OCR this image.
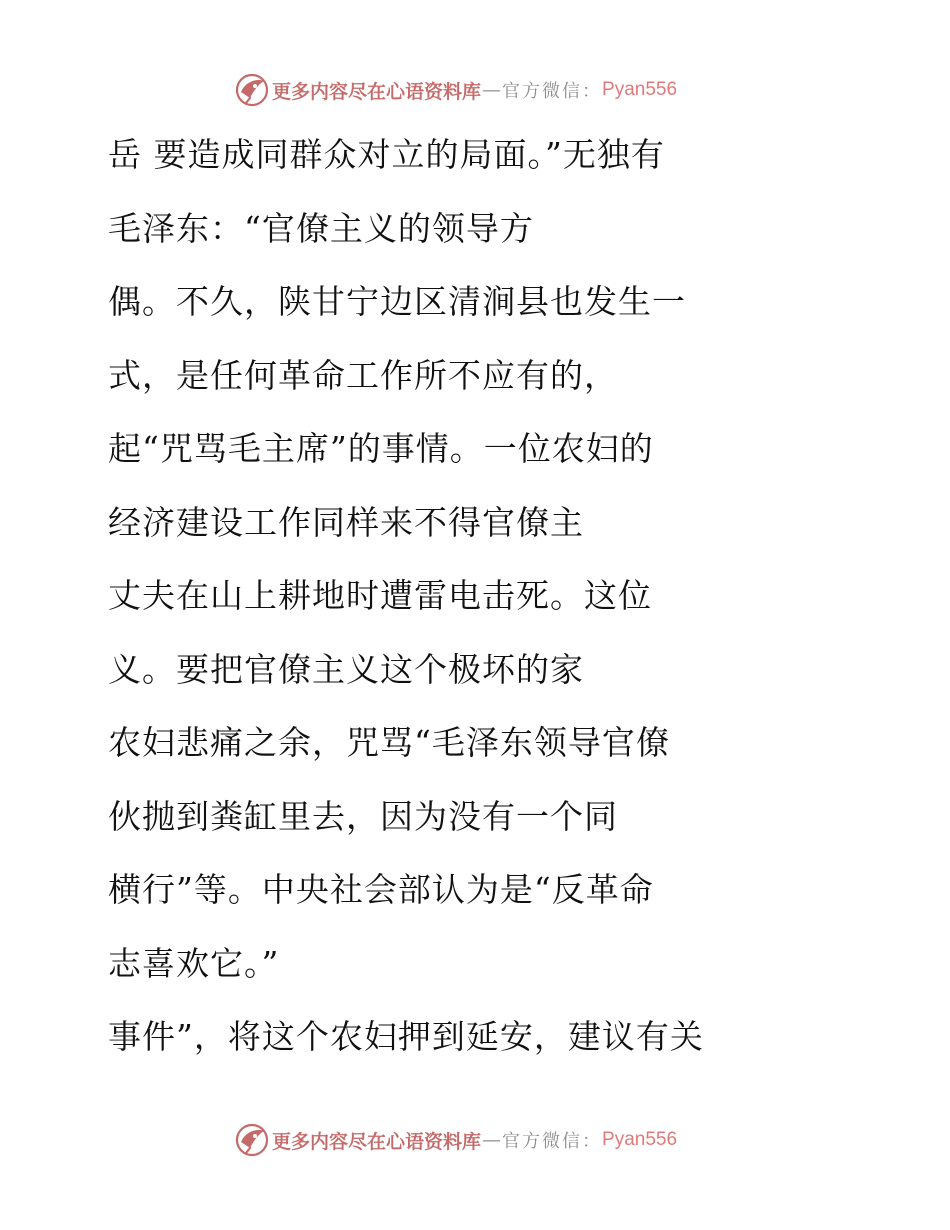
更多内容尽在心语资料库 — 官方微信： Pyan556
岳 要造成同群众对立的局面。”无独有
毛泽东：“官僚主义的领导方
偶。不久，陕甘宁边区清涧县也发生一
式，是任何革命工作所不应有的，
起“咒骂毛主席”的事情。一位农妇的
经济建设工作同样来不得官僚主
丈夫在山上耕地时遭雷电击死。这位
义。要把官僚主义这个极坏的家
农妇悲痛之余，咒骂“毛泽东领导官僚
伙抛到粪缸里去，因为没有一个同
横行”等。中央社会部认为是“反革命
志喜欢它。”
事件”，将这个农妇押到延安，建议有关
更多内容尽在心语资料库 — 官方微信： Pyan556
